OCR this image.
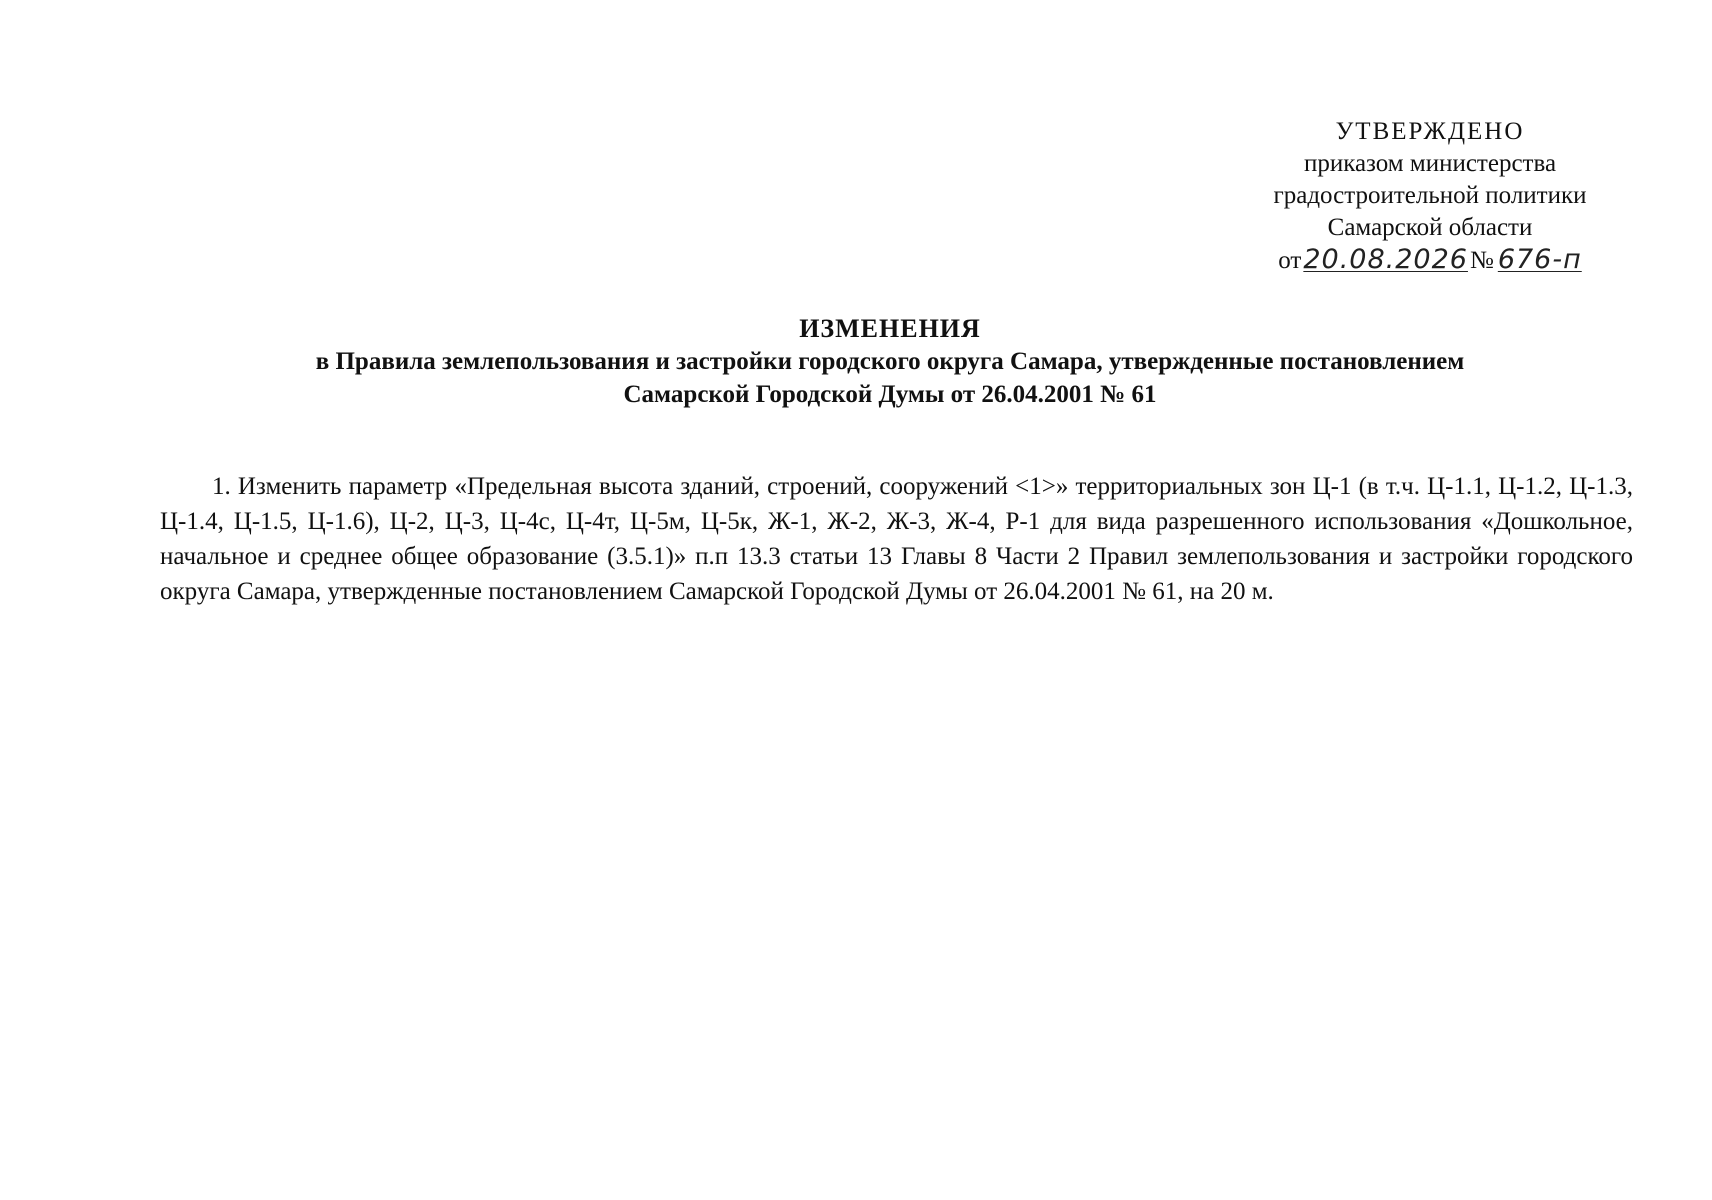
УТВЕРЖДЕНО
приказом министерства
градостроительной политики
Самарской области
от20.08.2026№ 676-п
ИЗМЕНЕНИЯ
в Правила землепользования и застройки городского округа Самара, утвержденные постановлением
Самарской Городской Думы от 26.04.2001 № 61

1. Изменить параметр «Предельная высота зданий, строений, сооружений <1>» территориальных зон Ц-1 (в т.ч. Ц-1.1, Ц-1.2, Ц-1.3, Ц-1.4, Ц-1.5, Ц-1.6), Ц-2, Ц-3, Ц-4с, Ц-4т, Ц-5м, Ц-5к, Ж-1, Ж-2, Ж-3, Ж-4, Р-1 для вида разрешенного использования «Дошкольное, начальное и среднее общее образование (3.5.1)» п.п 13.3 статьи 13 Главы 8 Части 2 Правил землепользования и застройки городского округа Самара, утвержденные постановлением Самарской Городской Думы от 26.04.2001 № 61, на 20 м.
